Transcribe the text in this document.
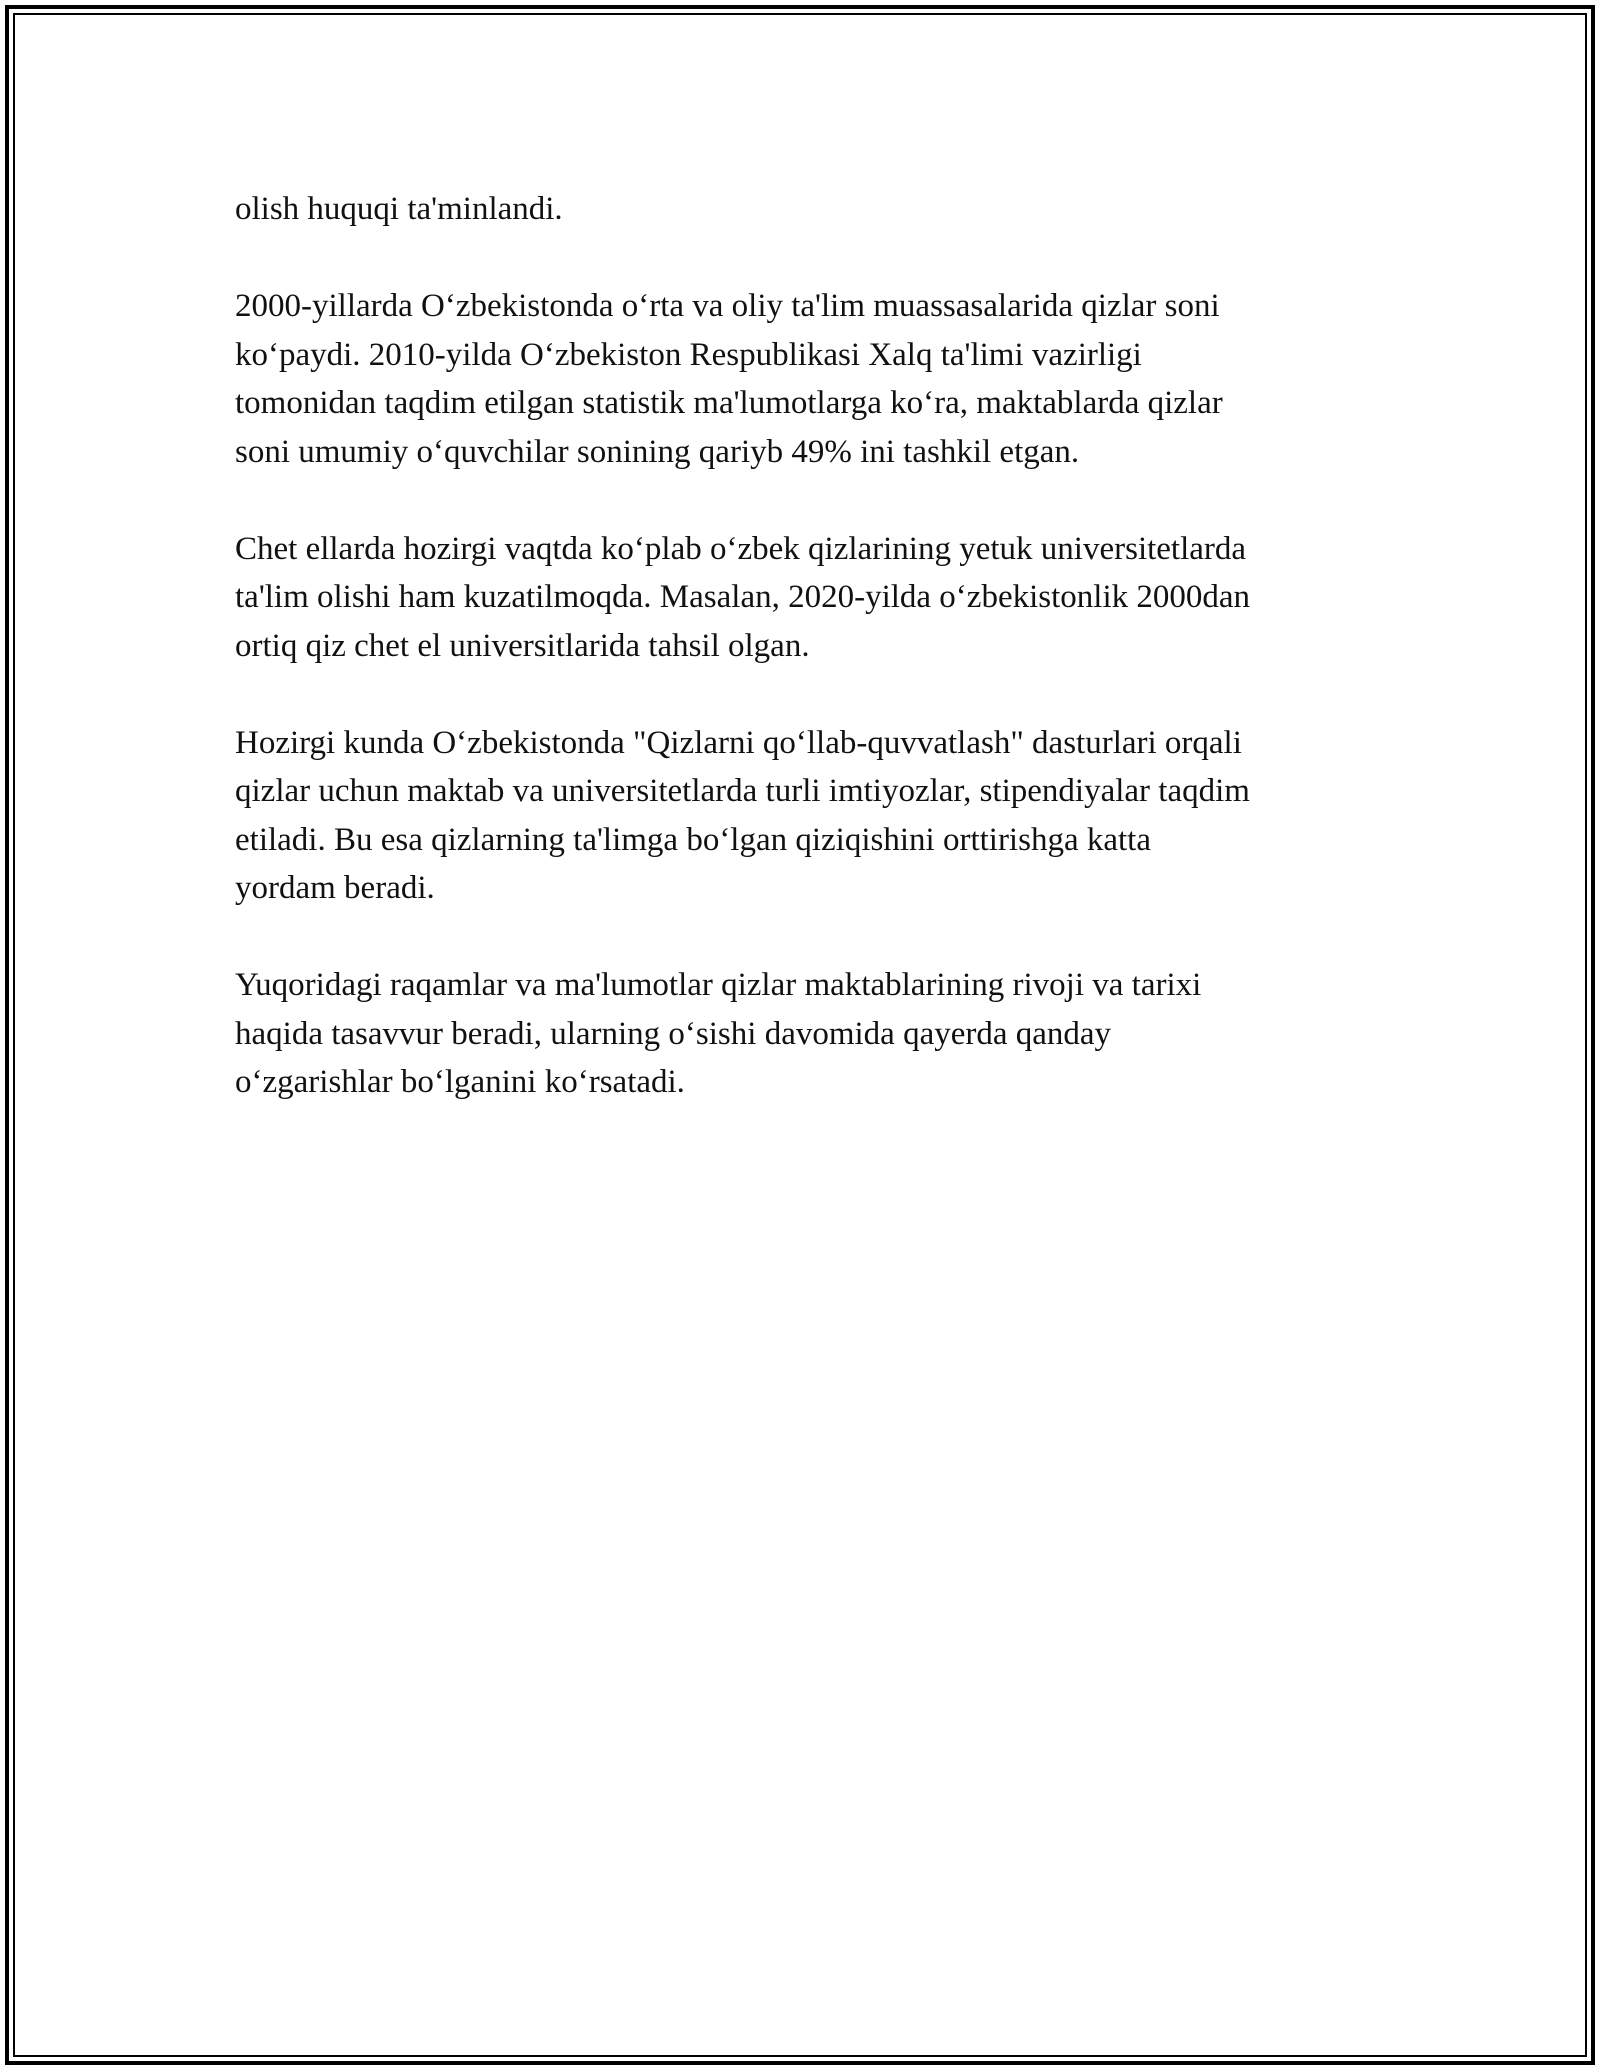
olish huquqi ta'minlandi.

2000-yillarda O‘zbekistonda o‘rta va oliy ta'lim muassasalarida qizlar soni
ko‘paydi. 2010-yilda O‘zbekiston Respublikasi Xalq ta'limi vazirligi
tomonidan taqdim etilgan statistik ma'lumotlarga ko‘ra, maktablarda qizlar
soni umumiy o‘quvchilar sonining qariyb 49% ini tashkil etgan.

Chet ellarda hozirgi vaqtda ko‘plab o‘zbek qizlarining yetuk universitetlarda
ta'lim olishi ham kuzatilmoqda. Masalan, 2020-yilda o‘zbekistonlik 2000dan
ortiq qiz chet el universitlarida tahsil olgan.

Hozirgi kunda O‘zbekistonda "Qizlarni qo‘llab-quvvatlash" dasturlari orqali
qizlar uchun maktab va universitetlarda turli imtiyozlar, stipendiyalar taqdim
etiladi. Bu esa qizlarning ta'limga bo‘lgan qiziqishini orttirishga katta
yordam beradi.

Yuqoridagi raqamlar va ma'lumotlar qizlar maktablarining rivoji va tarixi
haqida tasavvur beradi, ularning o‘sishi davomida qayerda qanday
o‘zgarishlar bo‘lganini ko‘rsatadi.
